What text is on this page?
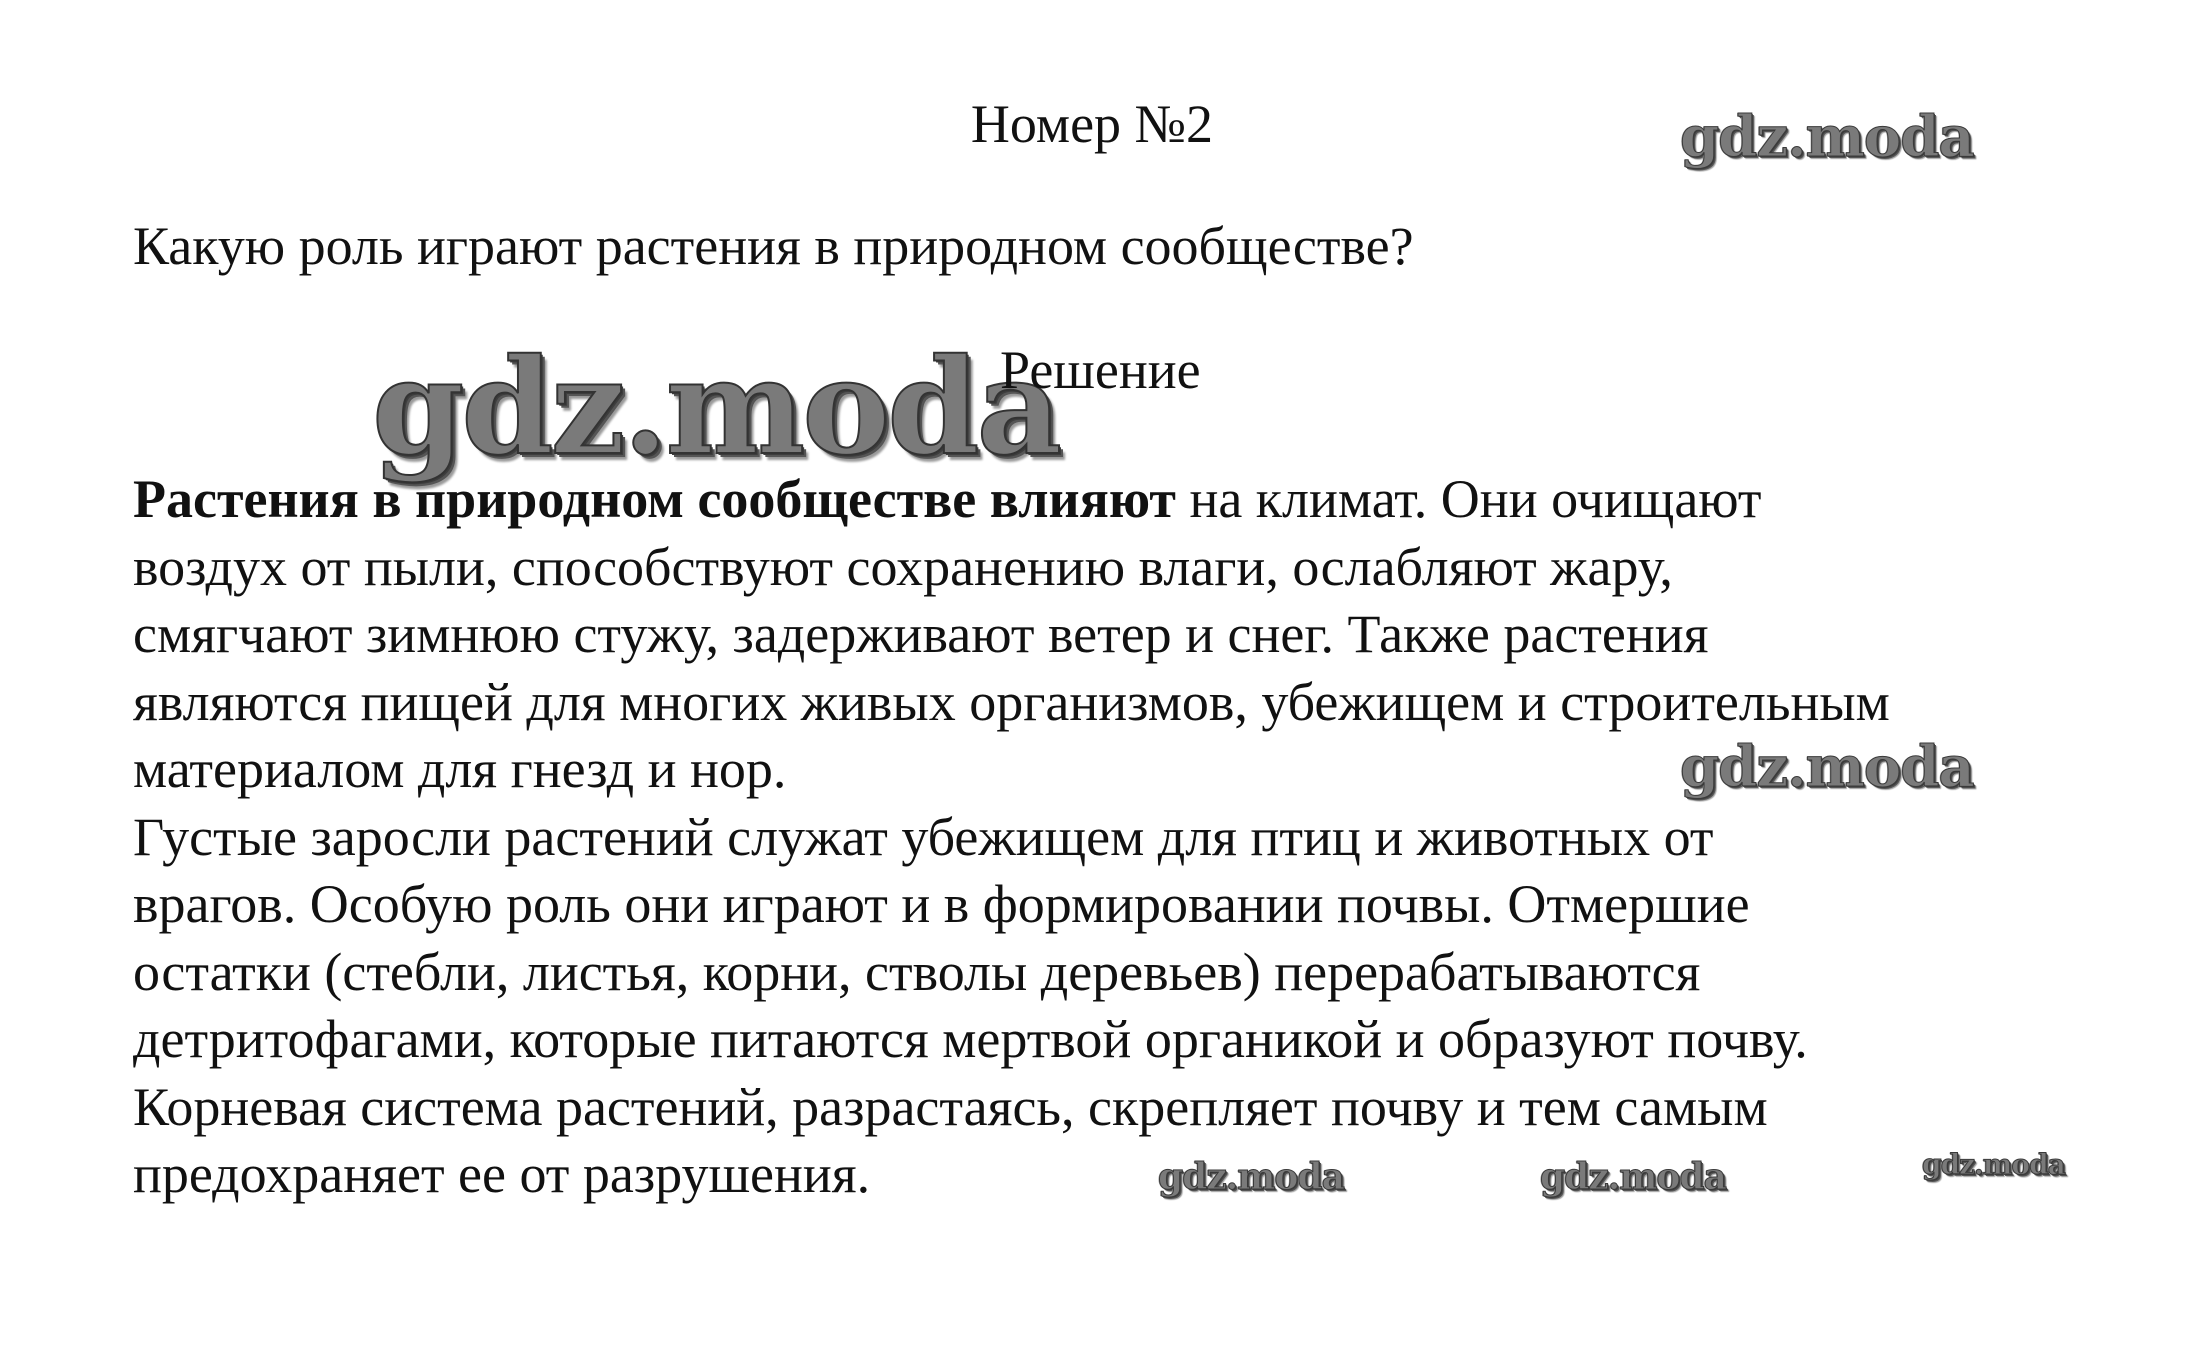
Номер №2	gdz.moda
Какую роль играют растения в природном сообществе?
gdz.moda
Решение
Растения в природном сообществе влияют на климат. Они очищают
воздух от пыли, способствуют сохранению влаги, ослабляют жару,
смягчают зимнюю стужу, задерживают ветер и снег. Также растения
являются пищей для многих живых организмов, убежищем и строительным
материалом для гнезд и нор.
Густые заросли растений служат убежищем для птиц и животных от
врагов. Особую роль они играют и в формировании почвы. Отмершие
остатки (стебли, листья, корни, стволы деревьев) перерабатываются
детритофагами, которые питаются мертвой органикой и образуют почву.
Корневая система растений, разрастаясь, скрепляет почву и тем самым
предохраняет ее от разрушения.
gdz.moda
gdz.moda	gdz.moda	gdz.moda
